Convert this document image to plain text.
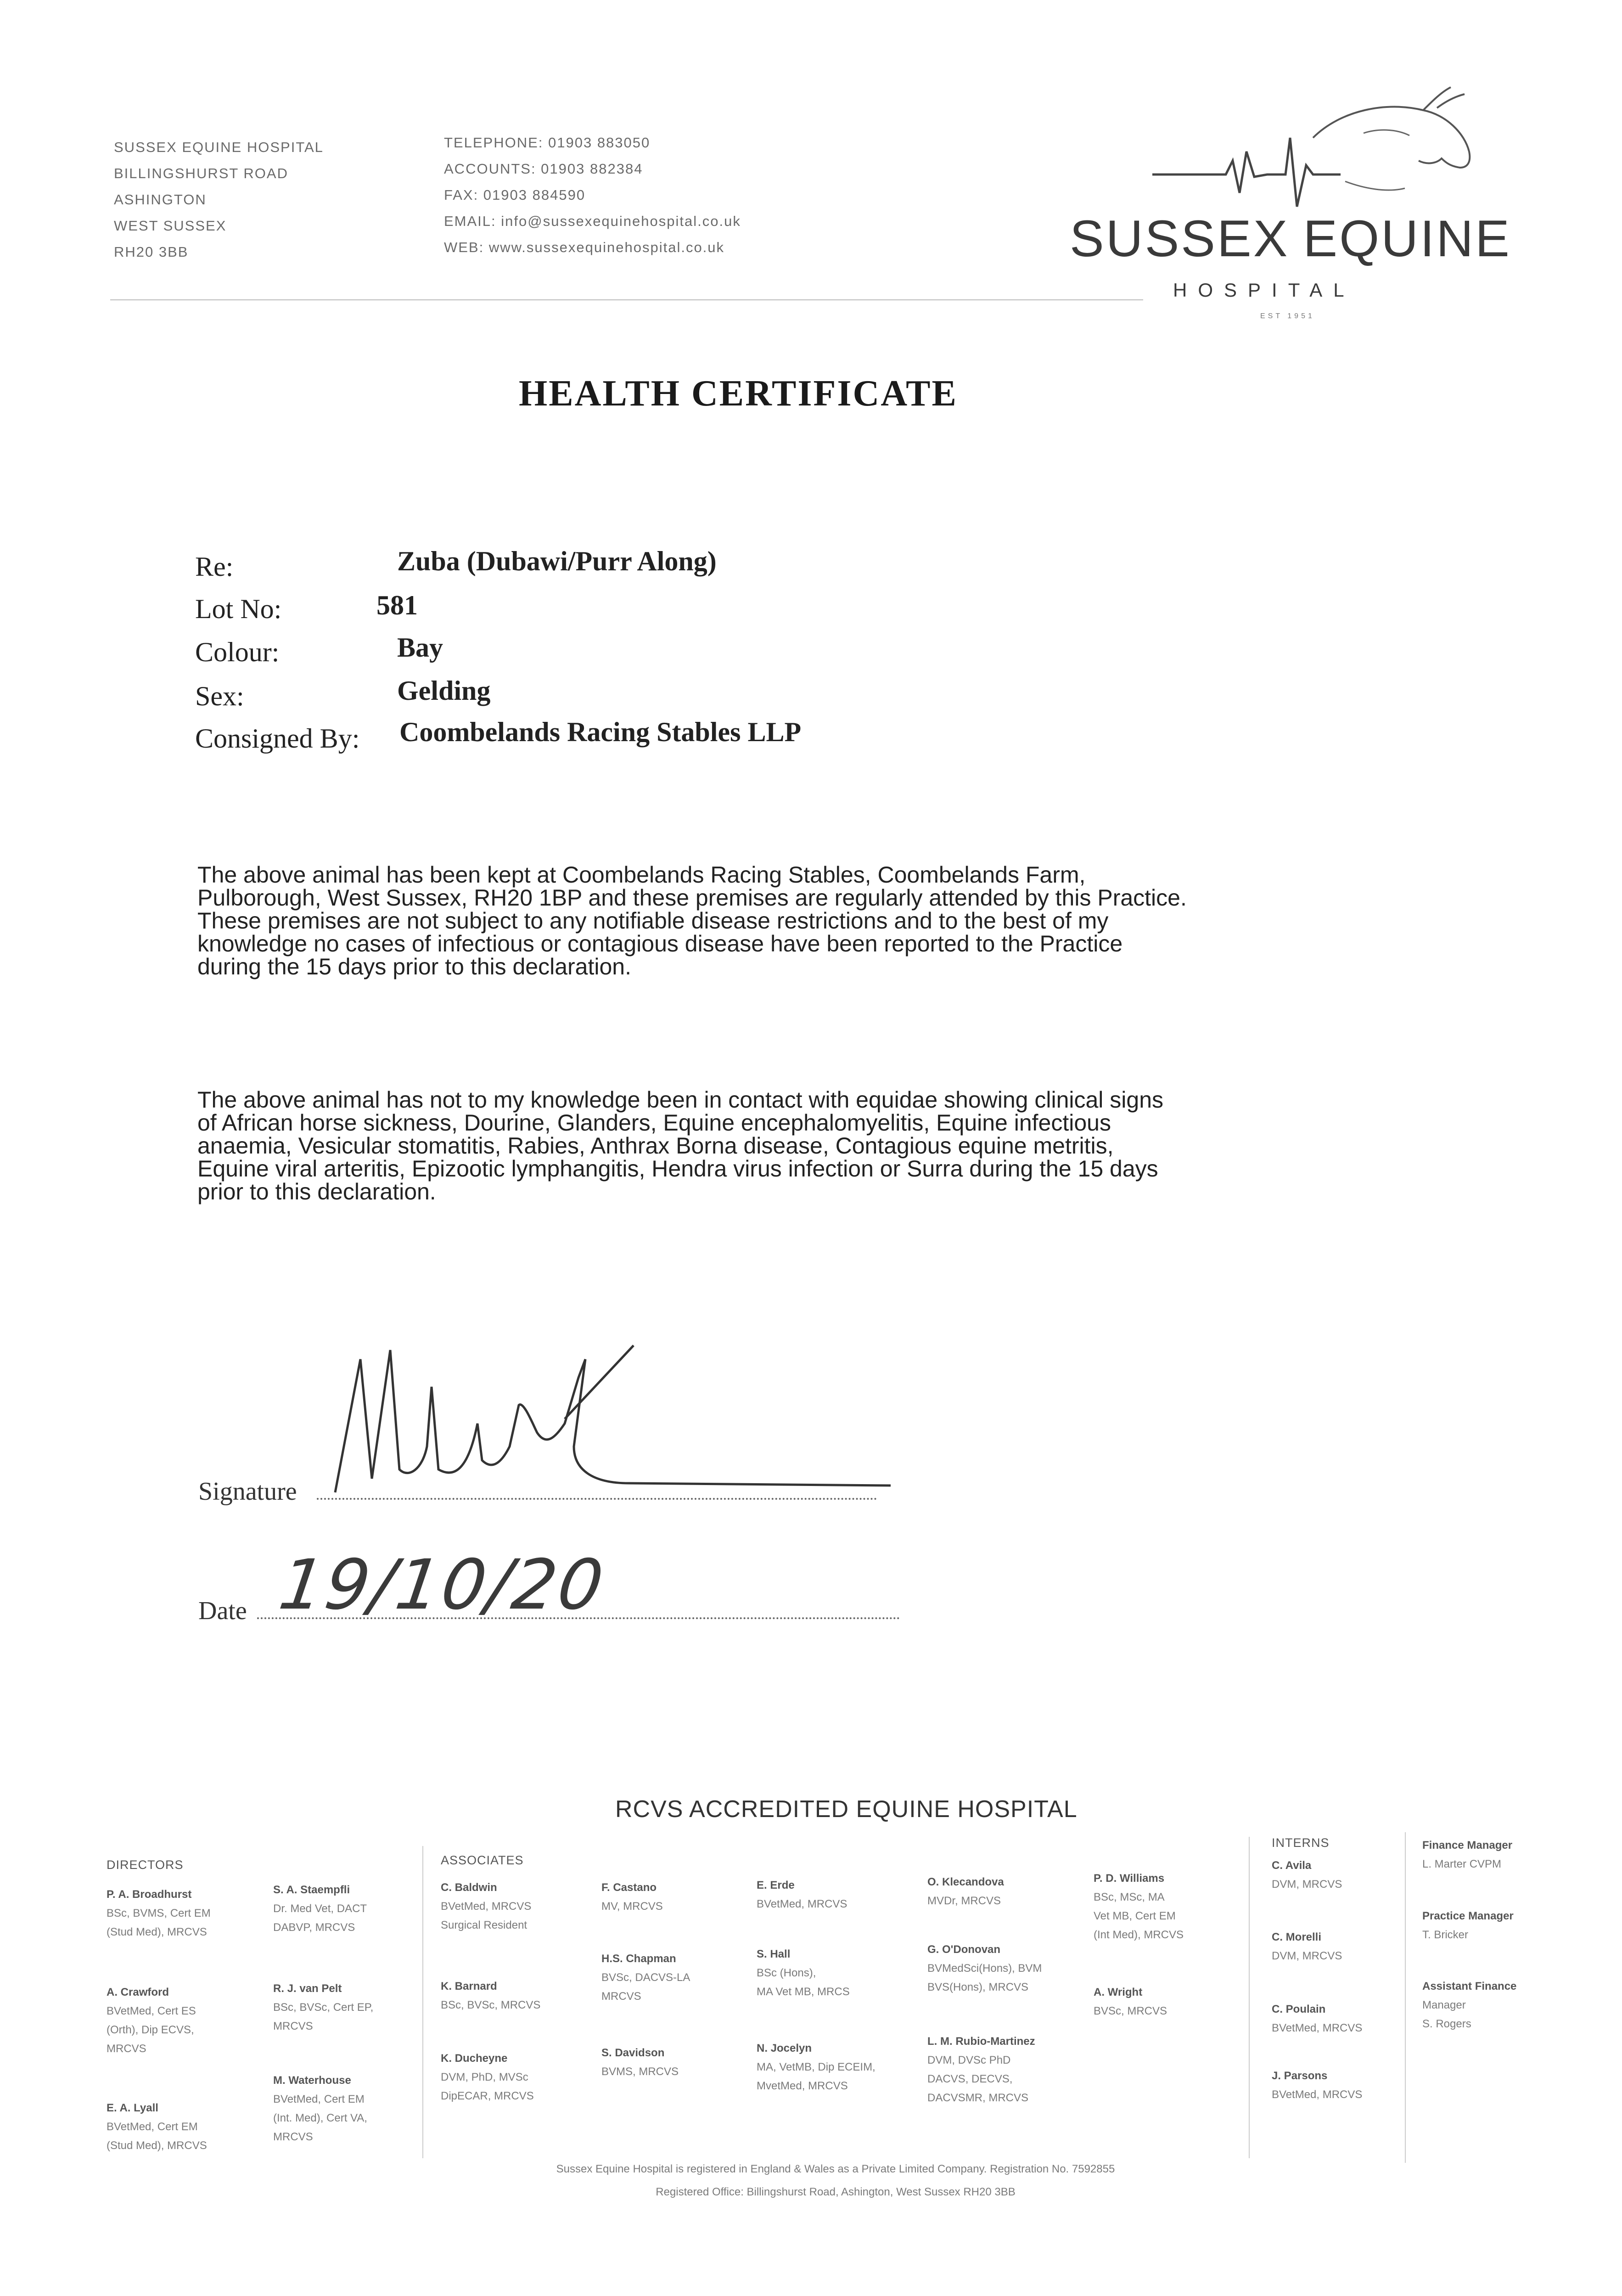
SUSSEX EQUINE HOSPITAL
BILLINGSHURST ROAD
ASHINGTON
WEST SUSSEX
RH20 3BB
TELEPHONE: 01903 883050
ACCOUNTS: 01903 882384
FAX: 01903 884590
EMAIL: info@sussexequinehospital.co.uk
WEB: www.sussexequinehospital.co.uk	SUSSEX EQUINE
HOSPITAL
EST 1951
HEALTH CERTIFICATE
Re:	Zuba (Dubawi/Purr Along)
Lot No:	581
Colour:	Bay
Sex:	Gelding
Consigned By: Coombelands Racing Stables LLP
The above animal has been kept at Coombelands Racing Stables, Coombelands Farm,
Pulborough, West Sussex, RH20 1BP and these premises are regularly attended by this Practice.
These premises are not subject to any notifiable disease restrictions and to the best of my
knowledge no cases of infectious or contagious disease have been reported to the Practice
during the 15 days prior to this declaration.
The above animal has not to my knowledge been in contact with equidae showing clinical signs
of African horse sickness, Dourine, Glanders, Equine encephalomyelitis, Equine infectious
anaemia, Vesicular stomatitis, Rabies, Anthrax Borna disease, Contagious equine metritis,
Equine viral arteritis, Epizootic lymphangitis, Hendra virus infection or Surra during the 15 days
prior to this declaration.
Signature
Date 19/10/20
RCVS ACCREDITED EQUINE HOSPITAL
DIRECTORS	ASSOCIATES
INTERNS
P. A. Broadhurst
BSc, BVMS, Cert EM
(Stud Med), MRCVS
S. A. Staempfli
Dr. Med Vet, DACT
DABVP, MRCVS
A. Crawford
BVetMed, Cert ES
(Orth), Dip ECVS,
MRCVS
R. J. van Pelt
BSc, BVSc, Cert EP,
MRCVS
E. A. Lyall
BVetMed, Cert EM
(Stud Med), MRCVS
M. Waterhouse
BVetMed, Cert EM
(Int. Med), Cert VA,
MRCVS
C. Baldwin
BVetMed, MRCVS
Surgical Resident
K. Barnard
BSc, BVSc, MRCVS
K. Ducheyne
DVM, PhD, MVSc
DipECAR, MRCVS
F. Castano
MV, MRCVS
H.S. Chapman
BVSc, DACVS-LA
MRCVS
S. Davidson
BVMS, MRCVS
E. Erde
BVetMed, MRCVS
S. Hall
BSc (Hons),
MA Vet MB, MRCS
N. Jocelyn
MA, VetMB, Dip ECEIM,
MvetMed, MRCVS
O. Klecandova
MVDr, MRCVS
G. O'Donovan
BVMedSci(Hons), BVM
BVS(Hons), MRCVS
L. M. Rubio-Martinez
DVM, DVSc PhD
DACVS, DECVS,
DACVSMR, MRCVS
P. D. Williams
BSc, MSc, MA
Vet MB, Cert EM
(Int Med), MRCVS
A. Wright
BVSc, MRCVS
C. Avila
DVM, MRCVS
C. Morelli
DVM, MRCVS
C. Poulain
BVetMed, MRCVS
J. Parsons
BVetMed, MRCVS
Finance Manager
L. Marter CVPM
Practice Manager
T. Bricker
Assistant Finance
Manager
S. Rogers
Sussex Equine Hospital is registered in England & Wales as a Private Limited Company. Registration No. 7592855
Registered Office: Billingshurst Road, Ashington, West Sussex RH20 3BB
